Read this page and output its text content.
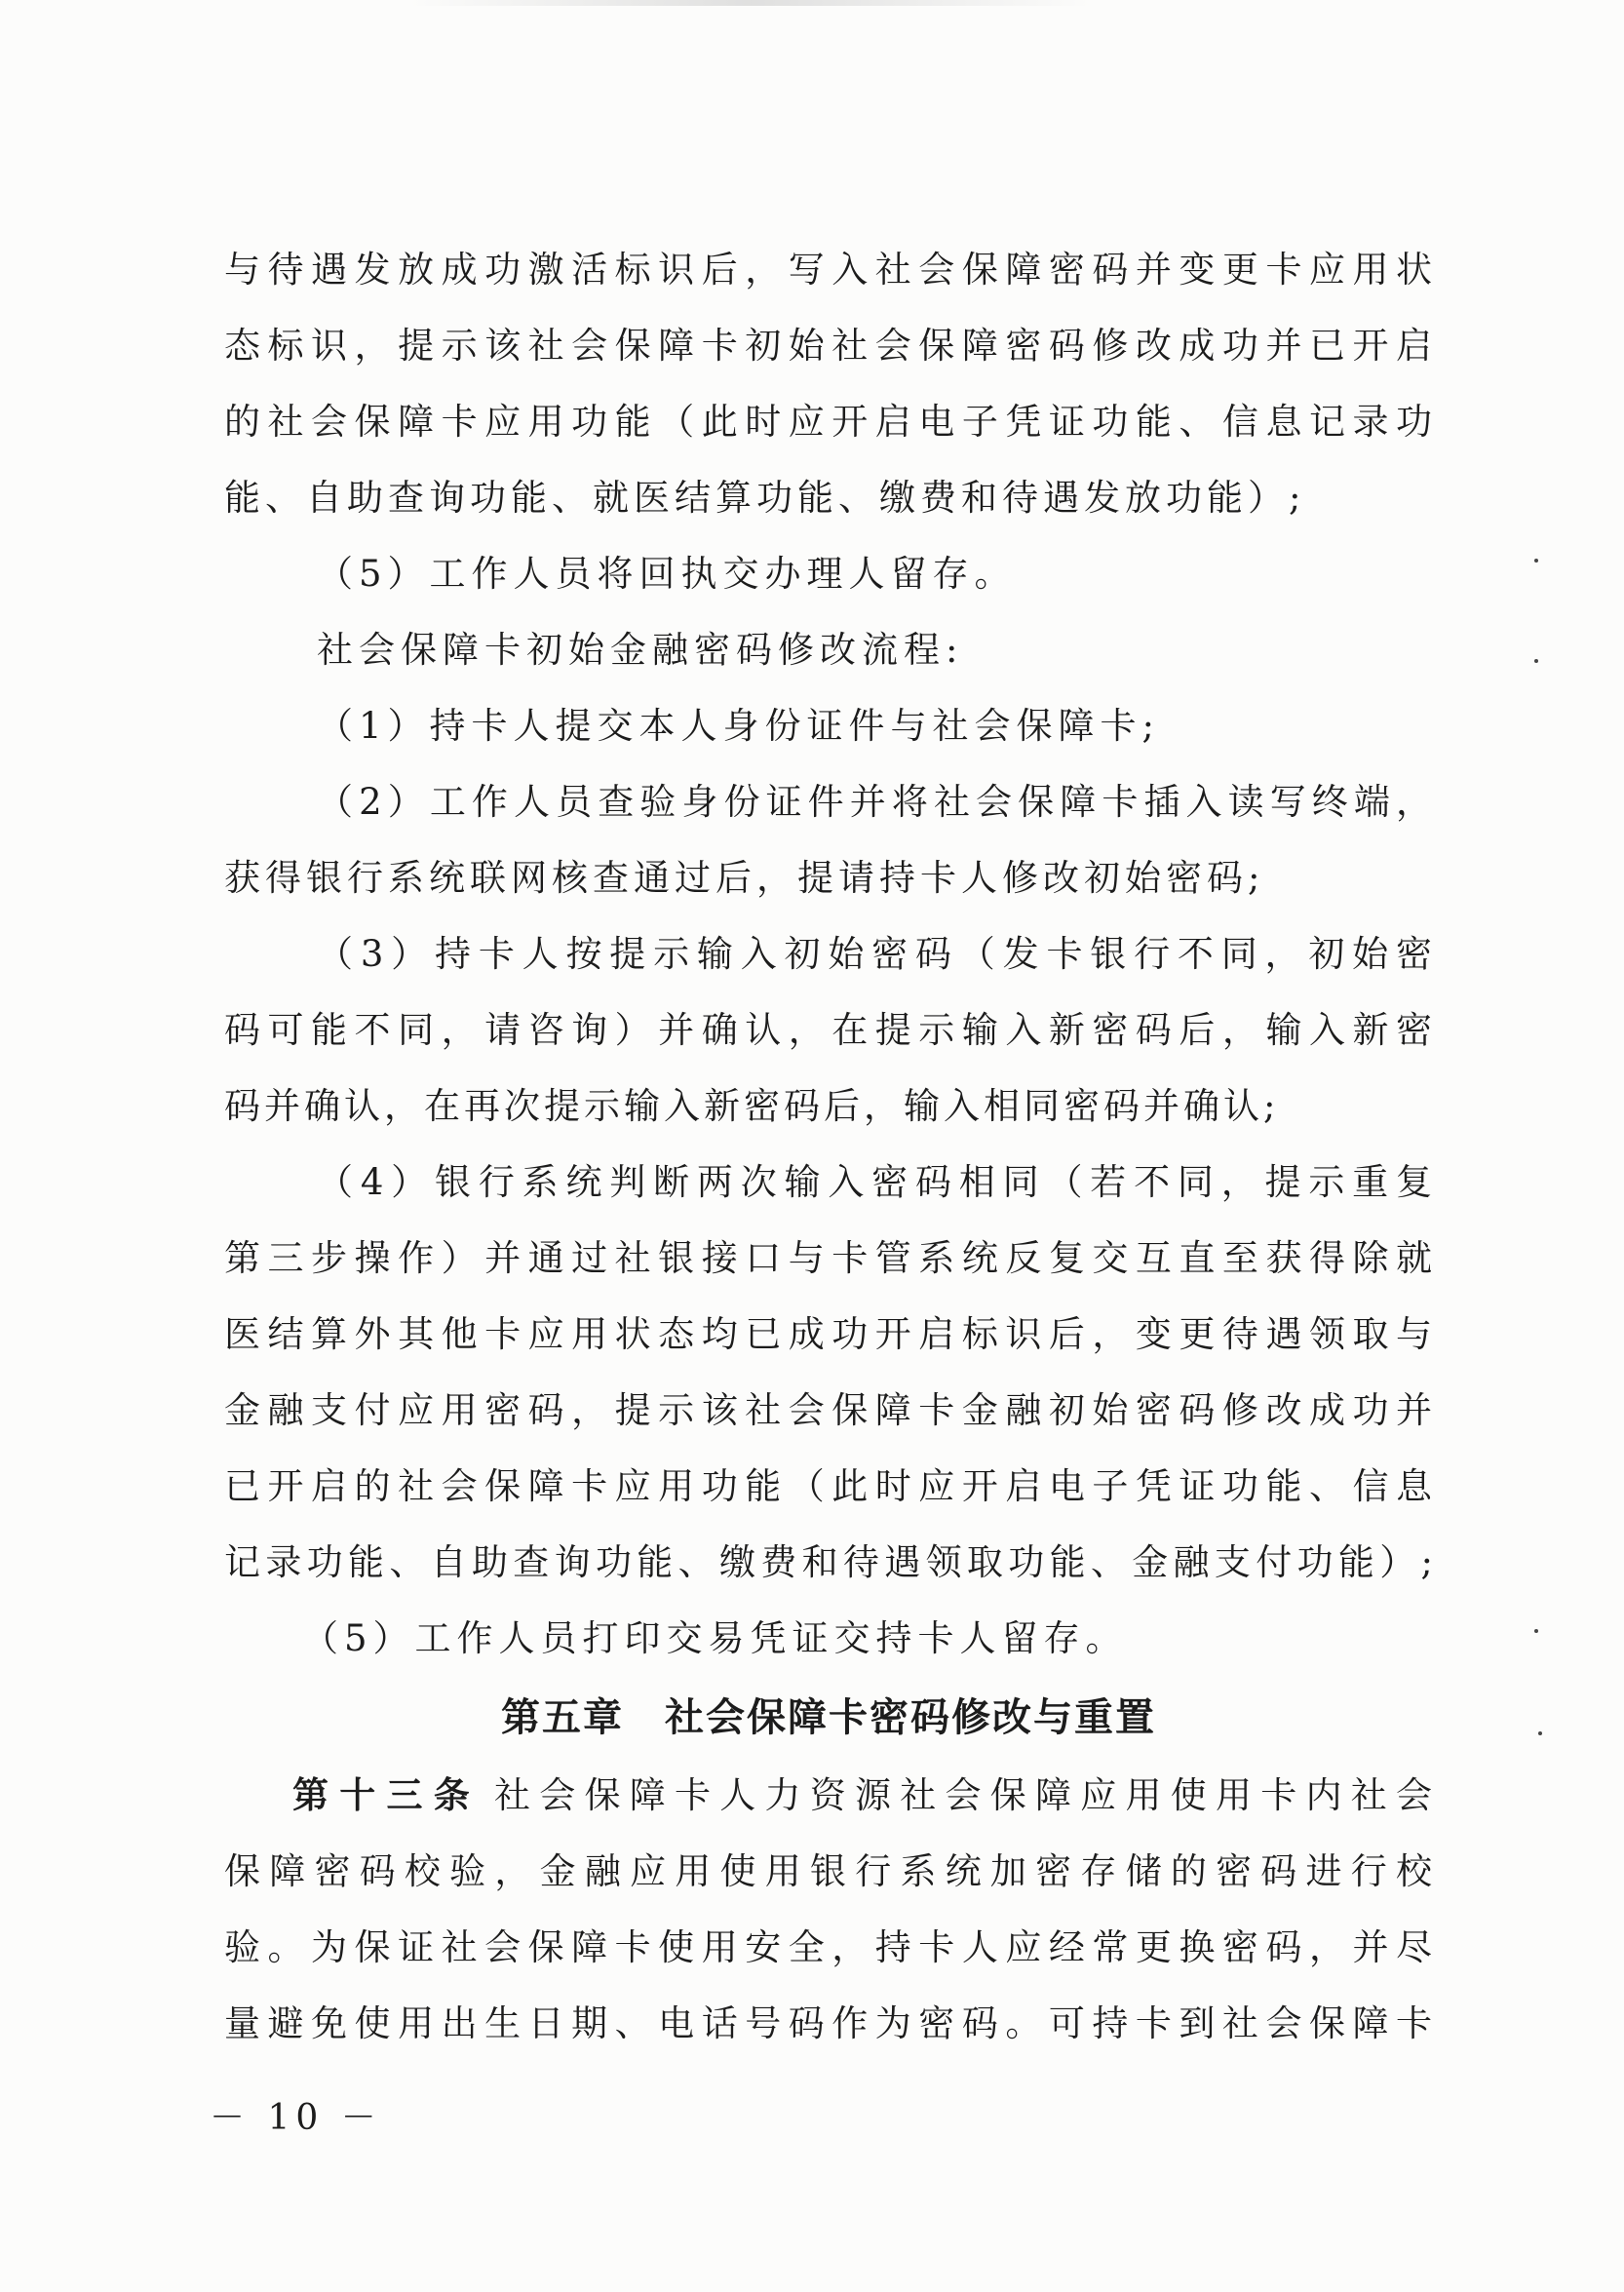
与待遇发放成功激活标识后，写入社会保障密码并变更卡应用状
态标识，提示该社会保障卡初始社会保障密码修改成功并已开启
的社会保障卡应用功能（此时应开启电子凭证功能、信息记录功
能、自助查询功能、就医结算功能、缴费和待遇发放功能）;
（5）工作人员将回执交办理人留存。
社会保障卡初始金融密码修改流程:
（1）持卡人提交本人身份证件与社会保障卡;
（2）工作人员查验身份证件并将社会保障卡插入读写终端，
获得银行系统联网核查通过后，提请持卡人修改初始密码;
（3）持卡人按提示输入初始密码（发卡银行不同，初始密
码可能不同，请咨询）并确认，在提示输入新密码后，输入新密
码并确认，在再次提示输入新密码后，输入相同密码并确认;
（4）银行系统判断两次输入密码相同（若不同，提示重复
第三步操作）并通过社银接口与卡管系统反复交互直至获得除就
医结算外其他卡应用状态均已成功开启标识后，变更待遇领取与
金融支付应用密码，提示该社会保障卡金融初始密码修改成功并
已开启的社会保障卡应用功能（此时应开启电子凭证功能、信息
记录功能、自助查询功能、缴费和待遇领取功能、金融支付功能）;
（5）工作人员打印交易凭证交持卡人留存。
第五章　社会保障卡密码修改与重置
第十三条 社会保障卡人力资源社会保障应用使用卡内社会
保障密码校验，金融应用使用银行系统加密存储的密码进行校
验。为保证社会保障卡使用安全，持卡人应经常更换密码，并尽
量避免使用出生日期、电话号码作为密码。可持卡到社会保障卡
－ 10 －
